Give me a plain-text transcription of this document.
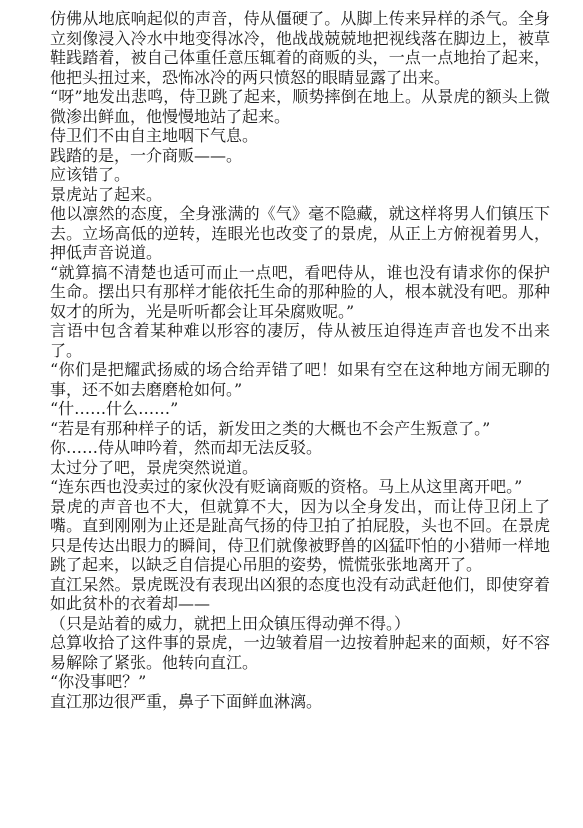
仿佛从地底响起似的声音，侍从僵硬了。从脚上传来异样的杀气。全身立刻像浸入冷水中地变得冰冷，他战战兢兢地把视线落在脚边上，被草鞋践踏着，被自己体重任意压辄着的商贩的头，一点一点地抬了起来，他把头扭过来，恐怖冰冷的两只愤怒的眼睛显露了出来。

“呀”地发出悲鸣，侍卫跳了起来，顺势摔倒在地上。从景虎的额头上微微渗出鲜血，他慢慢地站了起来。

侍卫们不由自主地咽下气息。

践踏的是，一介商贩——。

应该错了。

景虎站了起来。

他以凛然的态度，全身涨满的《气》毫不隐藏，就这样将男人们镇压下去。立场高低的逆转，连眼光也改变了的景虎，从正上方俯视着男人，押低声音说道。

“就算搞不清楚也适可而止一点吧，看吧侍从，谁也没有请求你的保护生命。摆出只有那样才能依托生命的那种脸的人，根本就没有吧。那种奴才的所为，光是听听都会让耳朵腐败呢。”

言语中包含着某种难以形容的凄厉，侍从被压迫得连声音也发不出来了。

“你们是把耀武扬威的场合给弄错了吧！如果有空在这种地方闹无聊的事，还不如去磨磨枪如何。”

“什……什么……”

“若是有那种样子的话，新发田之类的大概也不会产生叛意了。”

你……侍从呻吟着，然而却无法反驳。

太过分了吧，景虎突然说道。

“连东西也没卖过的家伙没有贬谪商贩的资格。马上从这里离开吧。”

景虎的声音也不大，但就算不大，因为以全身发出，而让侍卫闭上了嘴。直到刚刚为止还是趾高气扬的侍卫拍了拍屁股，头也不回。在景虎只是传达出眼力的瞬间，侍卫们就像被野兽的凶猛吓怕的小猎师一样地跳了起来，以缺乏自信提心吊胆的姿势，慌慌张张地离开了。

直江呆然。景虎既没有表现出凶狠的态度也没有动武赶他们，即使穿着如此贫朴的衣着却——

（只是站着的威力，就把上田众镇压得动弹不得。）

总算收拾了这件事的景虎，一边皱着眉一边按着肿起来的面颊，好不容易解除了紧张。他转向直江。

“你没事吧？”

直江那边很严重，鼻子下面鲜血淋漓。
